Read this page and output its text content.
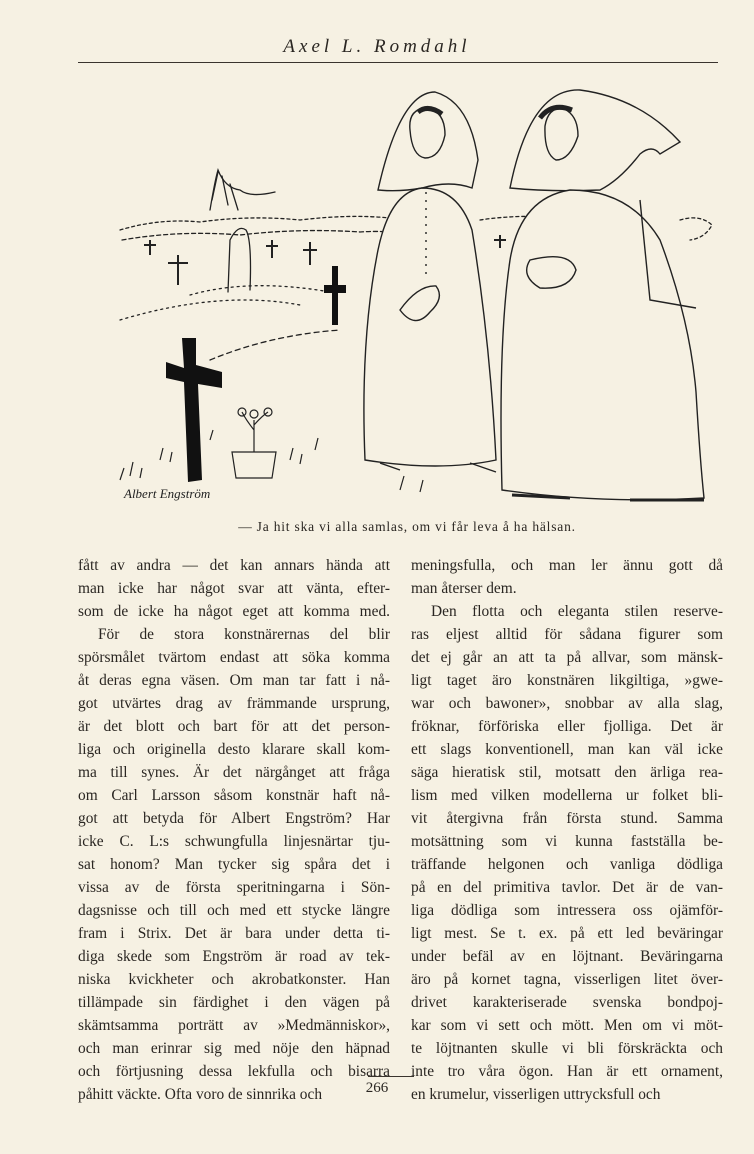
Axel L. Romdahl
Albert Engström
— Ja hit ska vi alla samlas, om vi får leva å ha hälsan.
fått av andra — det kan annars hända att
man icke har något svar att vänta, efter-
som de icke ha något eget att komma med.
För de stora konstnärernas del blir
spörsmålet tvärtom endast att söka komma
åt deras egna väsen. Om man tar fatt i nå-
got utvärtes drag av främmande ursprung,
är det blott och bart för att det person-
liga och originella desto klarare skall kom-
ma till synes. Är det närgånget att fråga
om Carl Larsson såsom konstnär haft nå-
got att betyda för Albert Engström? Har
icke C. L:s schwungfulla linjesnärtar tju-
sat honom? Man tycker sig spåra det i
vissa av de första speritningarna i Sön-
dagsnisse och till och med ett stycke längre
fram i Strix. Det är bara under detta ti-
diga skede som Engström är road av tek-
niska kvickheter och akrobatkonster. Han
tillämpade sin färdighet i den vägen på
skämtsamma porträtt av »Medmänniskor»,
och man erinrar sig med nöje den häpnad
och förtjusning dessa lekfulla och bisarra
påhitt väckte. Ofta voro de sinnrika och
meningsfulla, och man ler ännu gott då
man återser dem.
Den flotta och eleganta stilen reserve-
ras eljest alltid för sådana figurer som
det ej går an att ta på allvar, som mänsk-
ligt taget äro konstnären likgiltiga, »gwe-
war och bawoner», snobbar av alla slag,
fröknar, förföriska eller fjolliga. Det är
ett slags konventionell, man kan väl icke
säga hieratisk stil, motsatt den ärliga rea-
lism med vilken modellerna ur folket bli-
vit återgivna från första stund. Samma
motsättning som vi kunna fastställa be-
träffande helgonen och vanliga dödliga
på en del primitiva tavlor. Det är de van-
liga dödliga som intressera oss ojämför-
ligt mest. Se t. ex. på ett led beväringar
under befäl av en löjtnant. Beväringarna
äro på kornet tagna, visserligen litet över-
drivet karakteriserade svenska bondpoj-
kar som vi sett och mött. Men om vi möt-
te löjtnanten skulle vi bli förskräckta och
inte tro våra ögon. Han är ett ornament,
en krumelur, visserligen uttrycksfull och
266
